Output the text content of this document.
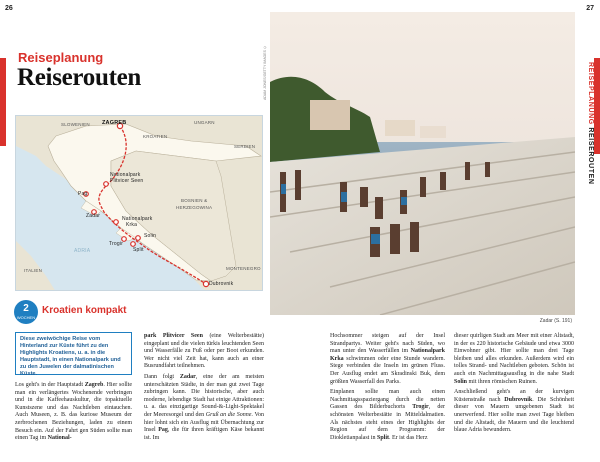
26	27
Reiseplanung
Reiserouten
SLOWENIEN	UNGARN
KROATIEN
SERBIEN
BOSNIEN &
HERZEGOWINA
ITALIEN
ADRIA
MONTENEGRO
ZAGREB
Nationalpark
Plitvicer Seen
Pag
Zadar	Nationalpark
Krka
Trogir
Solin
Split
Dubrovnik
2
WOCHEN
Kroatien kompakt
Diese zweiwöchige Reise vom Hinterland zur Küste führt zu den Highlights Kroatiens, u. a. in die Hauptstadt, in einen Nationalpark und zu den Juwelen der dalmatinischen Küste.

Los geht's in der Hauptstadt Zagreb. Hier sollte man ein verlängertes Wochenende verbringen und in die Kaffeehauskultur, die topaktuelle Kunstszene und das Nachtleben eintauchen. Auch Museen, z. B. das kuriose Museum der zerbrochenen Beziehungen, laden zu einem Besuch ein. Auf der Fahrt gen Süden sollte man einen Tag im National-

park Plitvicer Seen (eine Welterbestätte) eingeplant und die vielen türkis leuchtenden Seen und Wasserfälle zu Fuß oder per Boot erkunden. Wer nicht viel Zeit hat, kann auch an einer Busrundfahrt teilnehmen.

Dann folgt Zadar, eine der am meisten unterschätzten Städte, in der man gut zwei Tage zubringen kann. Die historische, aber auch moderne, lebendige Stadt hat einige Attraktionen: u. a. das einzigartige Sound-&-Light-Spektakel der Meeresorgel und den Gruß an die Sonne. Von hier lohnt sich ein Ausflug mit Übernachtung zur Insel Pag, die für ihren kräftigen Käse bekannt ist. Im

Hochsommer steigen auf der Insel Strandpartys. Weiter geht's nach Süden, wo man unter den Wasserfällen im Nationalpark Krka schwimmen oder eine Stunde wandern. Stege verbinden die Inseln im grünen Fluss. Der Ausflug endet am Skradinski Buk, dem größten Wasserfall des Parks.

Einplanen sollte man auch einen Nachmittagsspaziergang durch die netten Gassen des Bilderbuchorts Trogir, der schönsten Welterbestätte in Mitteldalmatien. Als nächstes steht eines der Highlights der Region auf dem Programm: der Diokletianpalast in Split. Er ist das Herz

dieser quirligen Stadt am Meer mit einer Altstadt, in der es 220 historische Gebäude und etwa 3000 Einwohner gibt. Hier sollte man drei Tage bleiben und alles erkunden. Außerdem wird ein tolles Strand- und Nachtleben geboten. Schön ist auch ein Nachmittagsausflug in die nahe Stadt Solin mit ihren römischen Ruinen.

Anschließend geht's an der kurvigen Küstenstraße nach Dubrovnik. Die Schönheit dieser von Mauern umgebenen Stadt ist unerwerfend. Hier sollte man zwei Tage bleiben und die Altstadt, die Mauern und die leuchtend blaue Adria bewundern.

ADAM JONES/GETTY IMAGES ©
Zadar (S. 191)
REISEPLANUNG REISEROUTEN
